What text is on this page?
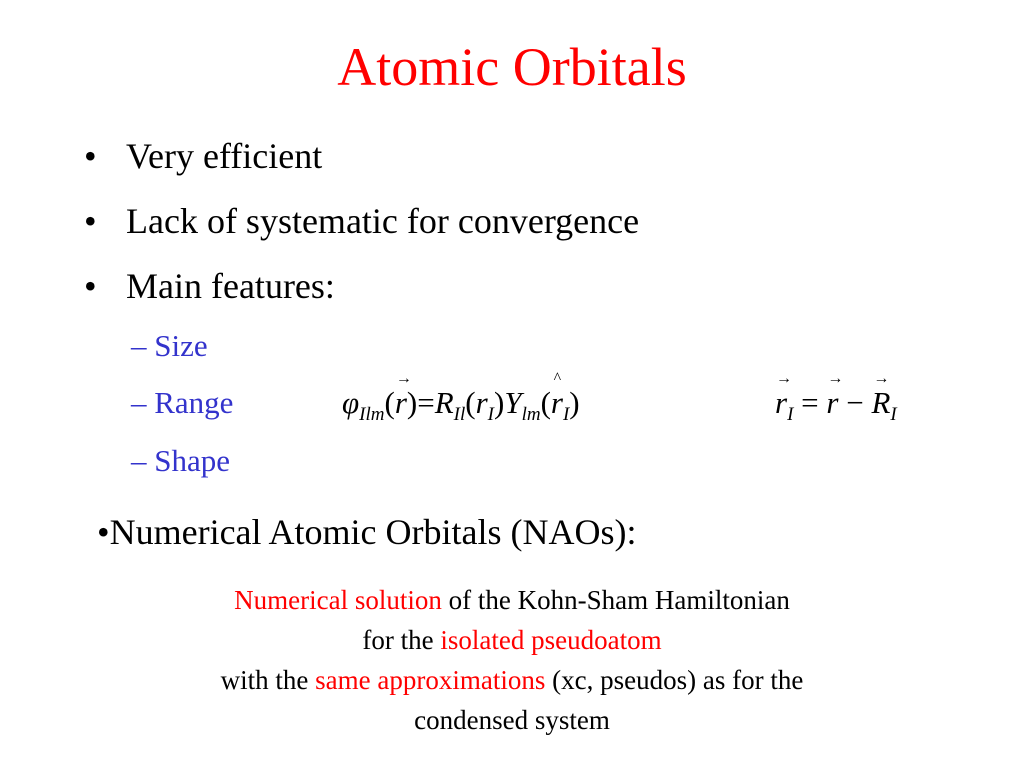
Atomic Orbitals
• Very efficient
• Lack of systematic for convergence
• Main features:
– Size
– Range
– Shape
$\varphi_{Ilm}$(
→
$r)=R_{Il}(r_I)Y_{lm}$(
^
$r_I$)
→
$r_I$ =
→
r −
→
$R_I$
•Numerical Atomic Orbitals (NAOs):
Numerical solution of the Kohn-Sham Hamiltonian
for the isolated pseudoatom
with the same approximations (xc, pseudos) as for the
condensed system
